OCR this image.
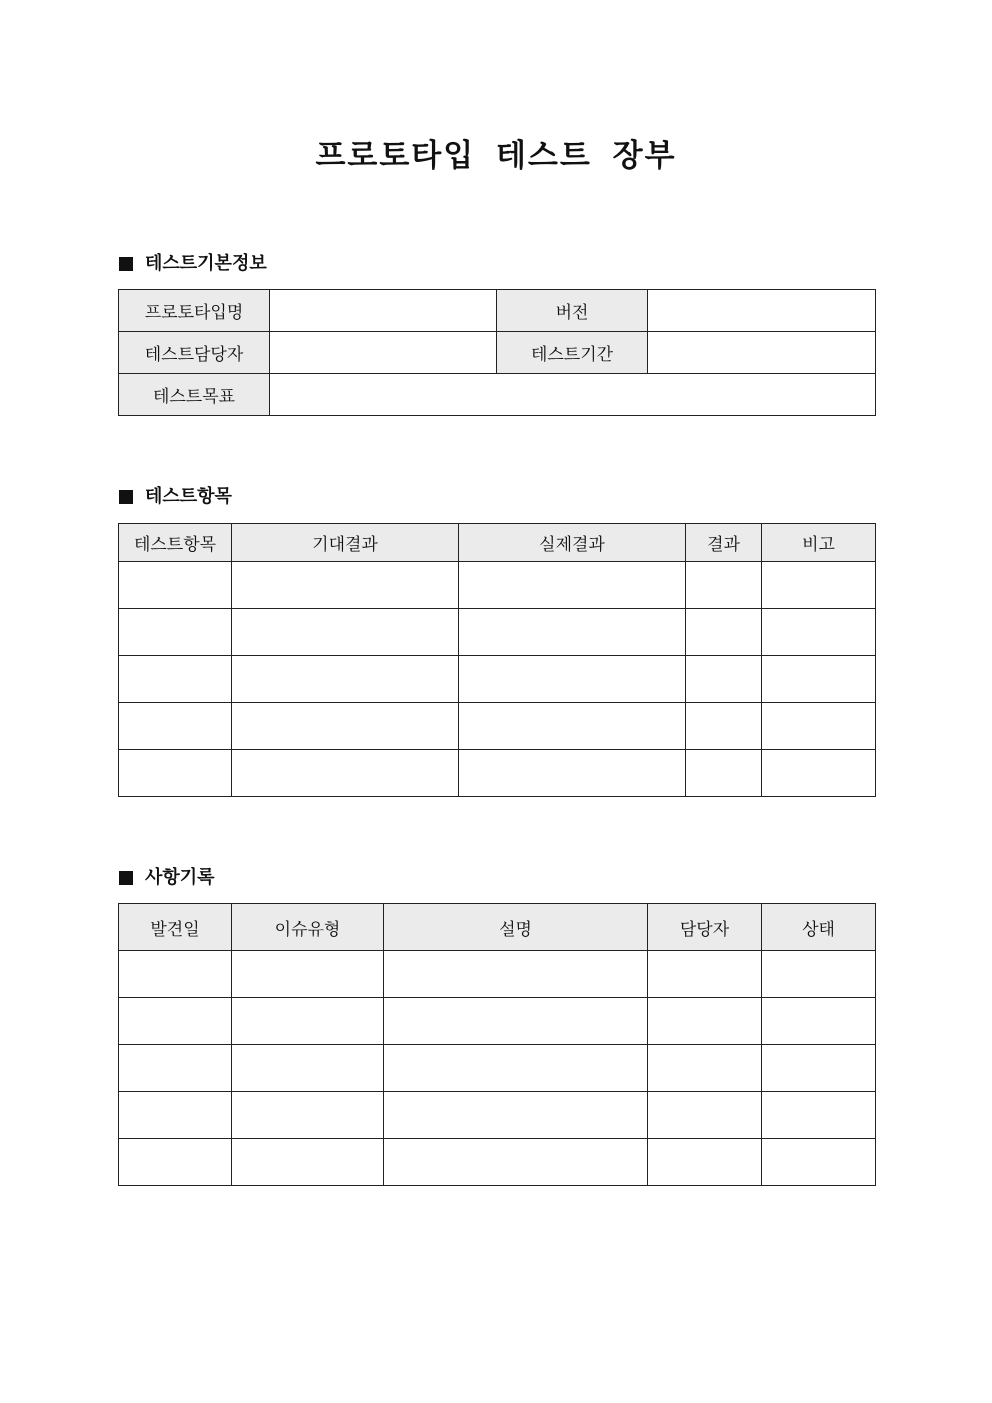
프로토타입 테스트 장부
테스트기본정보
프로토타입명		버전	
테스트담당자		테스트기간	
테스트목표			
테스트항목
테스트항목	기대결과	실제결과	결과	비고

사항기록
발견일	이슈유형	설명	담당자	상태
